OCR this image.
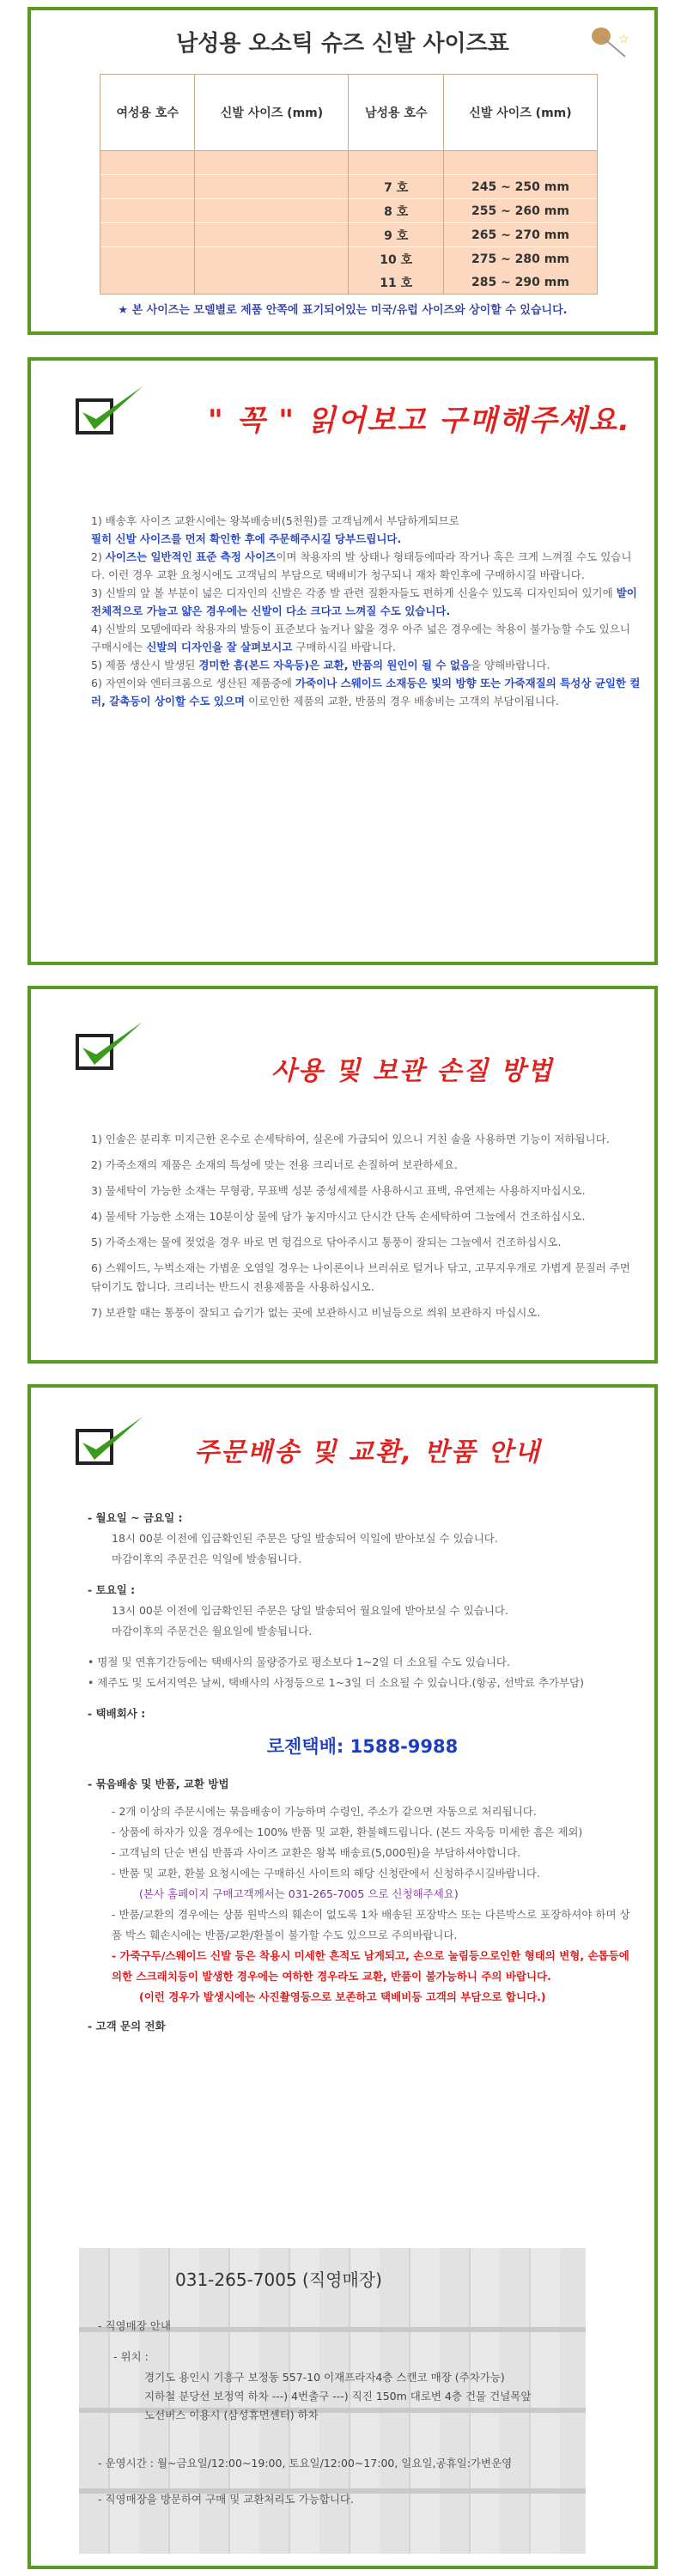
남성용 오소틱 슈즈 신발 사이즈표	☆
여성용 호수	신발 사이즈 (mm)	남성용 호수	신발 사이즈 (mm)

		7 호	245 ~ 250 mm
		8 호	255 ~ 260 mm
		9 호	265 ~ 270 mm
		10 호	275 ~ 280 mm
		11 호	285 ~ 290 mm
★ 본 사이즈는 모델별로 제품 안쪽에 표기되어있는 미국/유럽 사이즈와 상이할 수 있습니다.
" 꼭 " 읽어보고 구매해주세요.

1) 배송후 사이즈 교환시에는 왕복배송비(5천원)를 고객님께서 부담하게되므로
필히 신발 사이즈를 먼저 확인한 후에 주문해주시길 당부드립니다.

2) 사이즈는 일반적인 표준 측정 사이즈이며 착용자의 발 상태나 형태등에따라 작거나 혹은 크게 느껴질 수도 있습니다. 이런 경우 교환 요청시에도 고객님의 부담으로 택배비가 청구되니 재차 확인후에 구매하시길 바랍니다.

3) 신발의 앞 볼 부분이 넓은 디자인의 신발은 각종 발 관련 질환자들도 편하게 신을수 있도록 디자인되어 있기에 발이 전체적으로 가늘고 얇은 경우에는 신발이 다소 크다고 느껴질 수도 있습니다.

4) 신발의 모델에따라 착용자의 발등이 표준보다 높거나 얇을 경우 아주 넓은 경우에는 착용이 불가능할 수도 있으니 구매시에는 신발의 디자인을 잘 살펴보시고 구매하시길 바랍니다.

5) 제품 생산시 발생된 경미한 흠(본드 자욱등)은 교환, 반품의 원인이 될 수 없음을 양해바랍니다.

6) 자연이와 엔터크롬으로 생산된 제품중에 가죽이나 스웨이드 소재등은 빛의 방향 또는 가죽재질의 특성상 균일한 컬러, 갈촉등이 상이할 수도 있으며 이로인한 제품의 교환, 반품의 경우 배송비는 고객의 부담이됩니다.

사용 및 보관 손질 방법

1) 인솔은 분리후 미지근한 온수로 손세탁하여, 실온에 가급되어 있으니 거친 솔을 사용하면 기능이 저하됩니다.

2) 가죽소재의 제품은 소재의 특성에 맞는 전용 크리너로 손질하여 보관하세요.

3) 물세탁이 가능한 소재는 무형광, 무표백 성분 중성세제를 사용하시고 표백, 유연제는 사용하지마십시오.

4) 물세탁 가능한 소재는 10분이상 물에 담가 놓지마시고 단시간 단독 손세탁하여 그늘에서 건조하십시오.

5) 가죽소재는 물에 젖었을 경우 바로 면 헝겁으로 닦아주시고 통풍이 잘되는 그늘에서 건조하십시오.

6) 스웨이드, 누벅소재는 가볍운 오염일 경우는 나이론이나 브러쉬로 털거나 닦고, 고무지우개로 가볍게 문질러 주면 닦이기도 합니다. 크리너는 반드시 전용제품을 사용하십시오.

7) 보관할 때는 통풍이 잘되고 습기가 없는 곳에 보관하시고 비닐등으로 씌워 보관하지 마십시오.

주문배송 및 교환, 반품 안내
- 월요일 ~ 금요일 :
18시 00분 이전에 입금확인된 주문은 당일 발송되어 익일에 받아보실 수 있습니다.
마감이후의 주문건은 익일에 발송됩니다.
- 토요일 :
13시 00분 이전에 입금확인된 주문은 당일 발송되어 월요일에 받아보실 수 있습니다.
마감이후의 주문건은 월요일에 발송됩니다.
• 명절 및 연휴기간등에는 택배사의 물량증가로 평소보다 1~2일 더 소요될 수도 있습니다.
• 제주도 및 도서지역은 날씨, 택배사의 사정등으로 1~3일 더 소요될 수 있습니다.(항공, 선박료 추가부담)
- 택배회사 :
로젠택배: 1588-9988
- 묶음배송 및 반품, 교환 방법
- 2개 이상의 주문시에는 묶음배송이 가능하며 수령인, 주소가 같으면 자동으로 처리됩니다.
- 상품에 하자가 있을 경우에는 100% 반품 및 교환, 환불해드립니다. (본드 자욱등 미세한 흠은 제외)
- 고객님의 단순 변심 반품과 사이즈 교환은 왕복 배송료(5,000원)을 부담하셔야합니다.
- 반품 및 교환, 환불 요청시에는 구매하신 사이트의 해당 신청란에서 신청하주시길바랍니다.
(본사 홈페이지 구매고객께서는 031-265-7005 으로 신청해주세요)
- 반품/교환의 경우에는 상품 원박스의 훼손이 없도록 1차 배송된 포장박스 또는 다른박스로 포장하셔야 하며 상품 박스 훼손시에는 반품/교환/환불이 불가할 수도 있으므로 주의바랍니다.
- 가죽구두/스웨이드 신발 등은 착용시 미세한 흔적도 남게되고, 손으로 눌림등으로인한 형태의 변형, 손톱등에의한 스크래치등이 발생한 경우에는 여하한 경우라도 교환, 반품이 불가능하니 주의 바랍니다.
(이런 경우가 발생시에는 사진촬영등으로 보존하고 택배비등 고객의 부담으로 합니다.)
- 고객 문의 전화
031-265-7005 (직영매장)
- 직영매장 안내
- 위치 :
경기도 용인시 기흥구 보정동 557-10 이재프라자4층 스캔코 매장 (주차가능)
지하철 분당선 보정역 하차 ---) 4번출구 ---) 직진 150m 대로변 4층 건물 건널목앞
노선버스 이용시 (삼성휴먼센터) 하차
- 운영시간 : 월~금요일/12:00~19:00, 토요일/12:00~17:00, 일요일,공휴일:가변운영
- 직영매장을 방문하여 구매 및 교환처리도 가능합니다.
